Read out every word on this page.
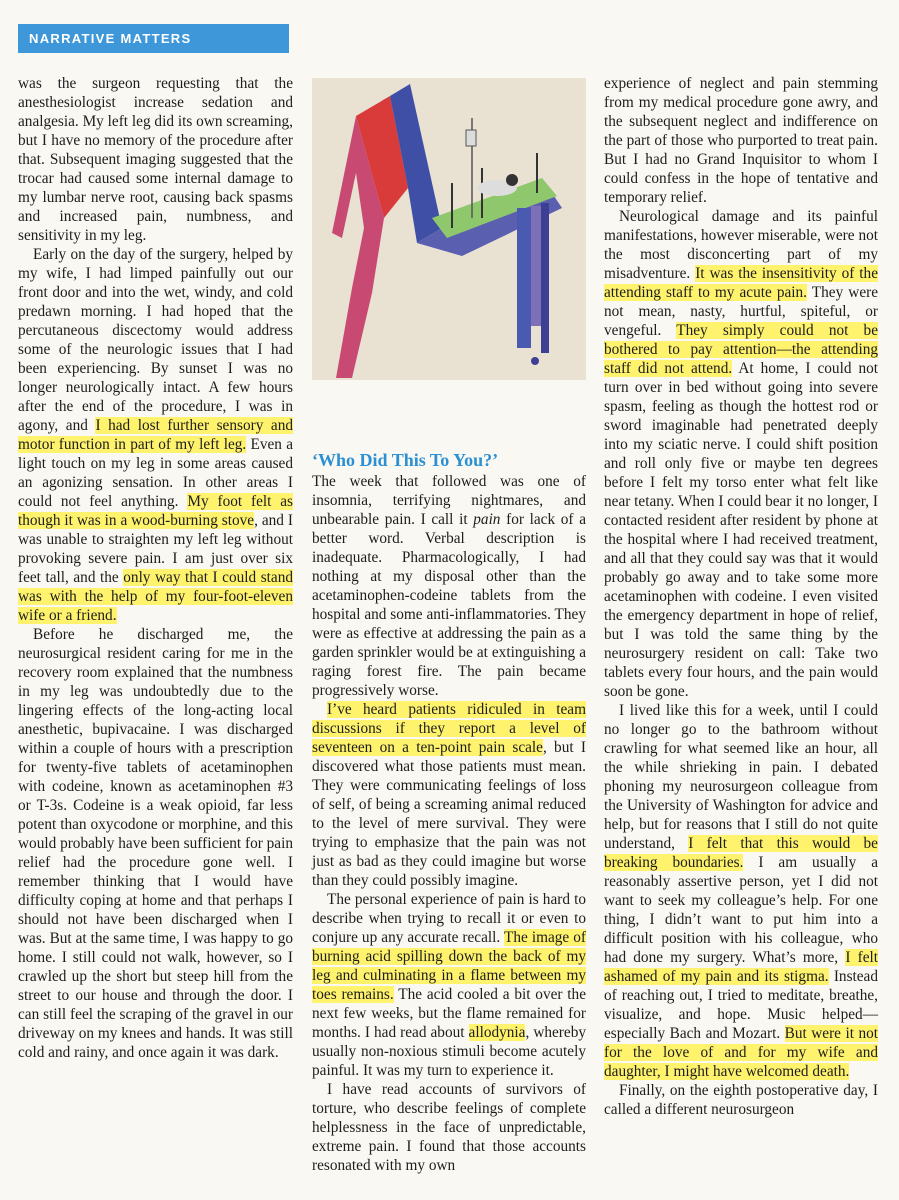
NARRATIVE MATTERS

was the surgeon requesting that the anesthesiologist increase sedation and analgesia. My left leg did its own screaming, but I have no memory of the procedure after that. Subsequent imaging suggested that the trocar had caused some internal damage to my lumbar nerve root, causing back spasms and increased pain, numbness, and sensitivity in my leg.

Early on the day of the surgery, helped by my wife, I had limped painfully out our front door and into the wet, windy, and cold predawn morning. I had hoped that the percutaneous discectomy would address some of the neurologic issues that I had been experiencing. By sunset I was no longer neurologically intact. A few hours after the end of the procedure, I was in agony, and I had lost further sensory and motor function in part of my left leg. Even a light touch on my leg in some areas caused an agonizing sensation. In other areas I could not feel anything. My foot felt as though it was in a wood-burning stove, and I was unable to straighten my left leg without provoking severe pain. I am just over six feet tall, and the only way that I could stand was with the help of my four-foot-eleven wife or a friend.

Before he discharged me, the neurosurgical resident caring for me in the recovery room explained that the numbness in my leg was undoubtedly due to the lingering effects of the long-acting local anesthetic, bupivacaine. I was discharged within a couple of hours with a prescription for twenty-five tablets of acetaminophen with codeine, known as acetaminophen #3 or T-3s. Codeine is a weak opioid, far less potent than oxycodone or morphine, and this would probably have been sufficient for pain relief had the procedure gone well. I remember thinking that I would have difficulty coping at home and that perhaps I should not have been discharged when I was. But at the same time, I was happy to go home. I still could not walk, however, so I crawled up the short but steep hill from the street to our house and through the door. I can still feel the scraping of the gravel in our driveway on my knees and hands. It was still cold and rainy, and once again it was dark.

‘Who Did This To You?’

The week that followed was one of insomnia, terrifying nightmares, and unbearable pain. I call it pain for lack of a better word. Verbal description is inadequate. Pharmacologically, I had nothing at my disposal other than the acetaminophen-codeine tablets from the hospital and some anti-inflammatories. They were as effective at addressing the pain as a garden sprinkler would be at extinguishing a raging forest fire. The pain became progressively worse.

I’ve heard patients ridiculed in team discussions if they report a level of seventeen on a ten-point pain scale, but I discovered what those patients must mean. They were communicating feelings of loss of self, of being a screaming animal reduced to the level of mere survival. They were trying to emphasize that the pain was not just as bad as they could imagine but worse than they could possibly imagine.

The personal experience of pain is hard to describe when trying to recall it or even to conjure up any accurate recall. The image of burning acid spilling down the back of my leg and culminating in a flame between my toes remains. The acid cooled a bit over the next few weeks, but the flame remained for months. I had read about allodynia, whereby usually non-noxious stimuli become acutely painful. It was my turn to experience it.

I have read accounts of survivors of torture, who describe feelings of complete helplessness in the face of unpredictable, extreme pain. I found that those accounts resonated with my own

experience of neglect and pain stemming from my medical procedure gone awry, and the subsequent neglect and indifference on the part of those who purported to treat pain. But I had no Grand Inquisitor to whom I could confess in the hope of tentative and temporary relief.

Neurological damage and its painful manifestations, however miserable, were not the most disconcerting part of my misadventure. It was the insensitivity of the attending staff to my acute pain. They were not mean, nasty, hurtful, spiteful, or vengeful. They simply could not be bothered to pay attention—the attending staff did not attend. At home, I could not turn over in bed without going into severe spasm, feeling as though the hottest rod or sword imaginable had penetrated deeply into my sciatic nerve. I could shift position and roll only five or maybe ten degrees before I felt my torso enter what felt like near tetany. When I could bear it no longer, I contacted resident after resident by phone at the hospital where I had received treatment, and all that they could say was that it would probably go away and to take some more acetaminophen with codeine. I even visited the emergency department in hope of relief, but I was told the same thing by the neurosurgery resident on call: Take two tablets every four hours, and the pain would soon be gone.

I lived like this for a week, until I could no longer go to the bathroom without crawling for what seemed like an hour, all the while shrieking in pain. I debated phoning my neurosurgeon colleague from the University of Washington for advice and help, but for reasons that I still do not quite understand, I felt that this would be breaking boundaries. I am usually a reasonably assertive person, yet I did not want to seek my colleague’s help. For one thing, I didn’t want to put him into a difficult position with his colleague, who had done my surgery. What’s more, I felt ashamed of my pain and its stigma. Instead of reaching out, I tried to meditate, breathe, visualize, and hope. Music helped—especially Bach and Mozart. But were it not for the love of and for my wife and daughter, I might have welcomed death.

Finally, on the eighth postoperative day, I called a different neurosurgeon
